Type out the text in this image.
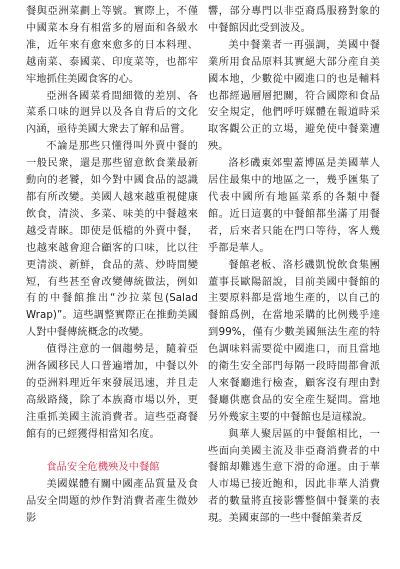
餐與亞洲菜劃上等號。實際上，不僅中國菜本身有相當多的層面和各級水准，近年來有愈來愈多的日本料理、越南菜、泰國菜、印度菜等，也都牢牢地抓住美國食客的心。

亞洲各國菜肴間細微的差別、各菜系口味的迥异以及各自背后的文化內涵，亟待美國大衆去了解和品嘗。

不論是那些只懂得叫外賣中餐的一般民衆，還是那些留意飲食業最新動向的老饕，如今對中國食品的認識都有所改變。美國人越來越重視健康飲食，清淡、多菜、味美的中餐越來越受青睞。即使是低檔的外賣中餐，也越來越會迎合顧客的口味，比以往更清淡、新鮮，食品的蒸、炒時間變短，有些甚至會改變傳統做法，例如有的中餐館推出“沙拉菜包(Salad Wrap)”。這些調整實際正在推動美國人對中餐傳統概念的改變。

值得注意的一個趨勢是，隨着亞洲各國移民人口普遍增加，中餐以外的亞洲料理近年來發展迅速，并且走高級路綫，除了本族裔市場以外，更注重抓美國主流消費者。這些亞裔餐館有的已經獲得相當知名度。

食品安全危機殃及中餐館

美國媒體有關中國產品質量及食品安全問題的炒作對消費者產生微妙影

響，部分專門以非亞裔爲服務對象的中餐館因此受到波及。

美中餐業者一再强調，美國中餐業所用食品原料其實絕大部分産自美國本地，少數從中國進口的也是輔料也都經過層層把關，符合國際和食品安全規定，他們呼吁媒體在報道時采取客觀公正的立場，避免使中餐業遭殃。

洛杉磯東郊聖蓋博區是美國華人居住最集中的地區之一，幾乎匯集了代表中國所有地區菜系的各類中餐館。近日這裏的中餐館都坐滿了用餐者，后來者只能在門口等待，客人幾乎都是華人。

餐館老板、洛杉磯凱悅飲食集團董事長歐陽韶說，目前美國中餐館的主要原料都是當地生產的，以自己的餐館爲例，在當地采購的比例幾乎達到99%，僅有少數美國無法生産的特色調味料需要從中國進口，而且當地的衛生安全部門每隔一段時間都會派人來餐廳進行檢查，顧客沒有理由對餐廳供應食品的安全産生疑問。當地另外幾家主要的中餐館也是這樣說。

與華人聚居區的中餐館相比，一些面向美國主流及非亞裔消費者的中餐館却難逃生意下滑的命運。由于華人市場已接近飽和，因此非華人消費者的數量將直接影響整個中餐業的表現。美國東部的一些中餐館業者反
